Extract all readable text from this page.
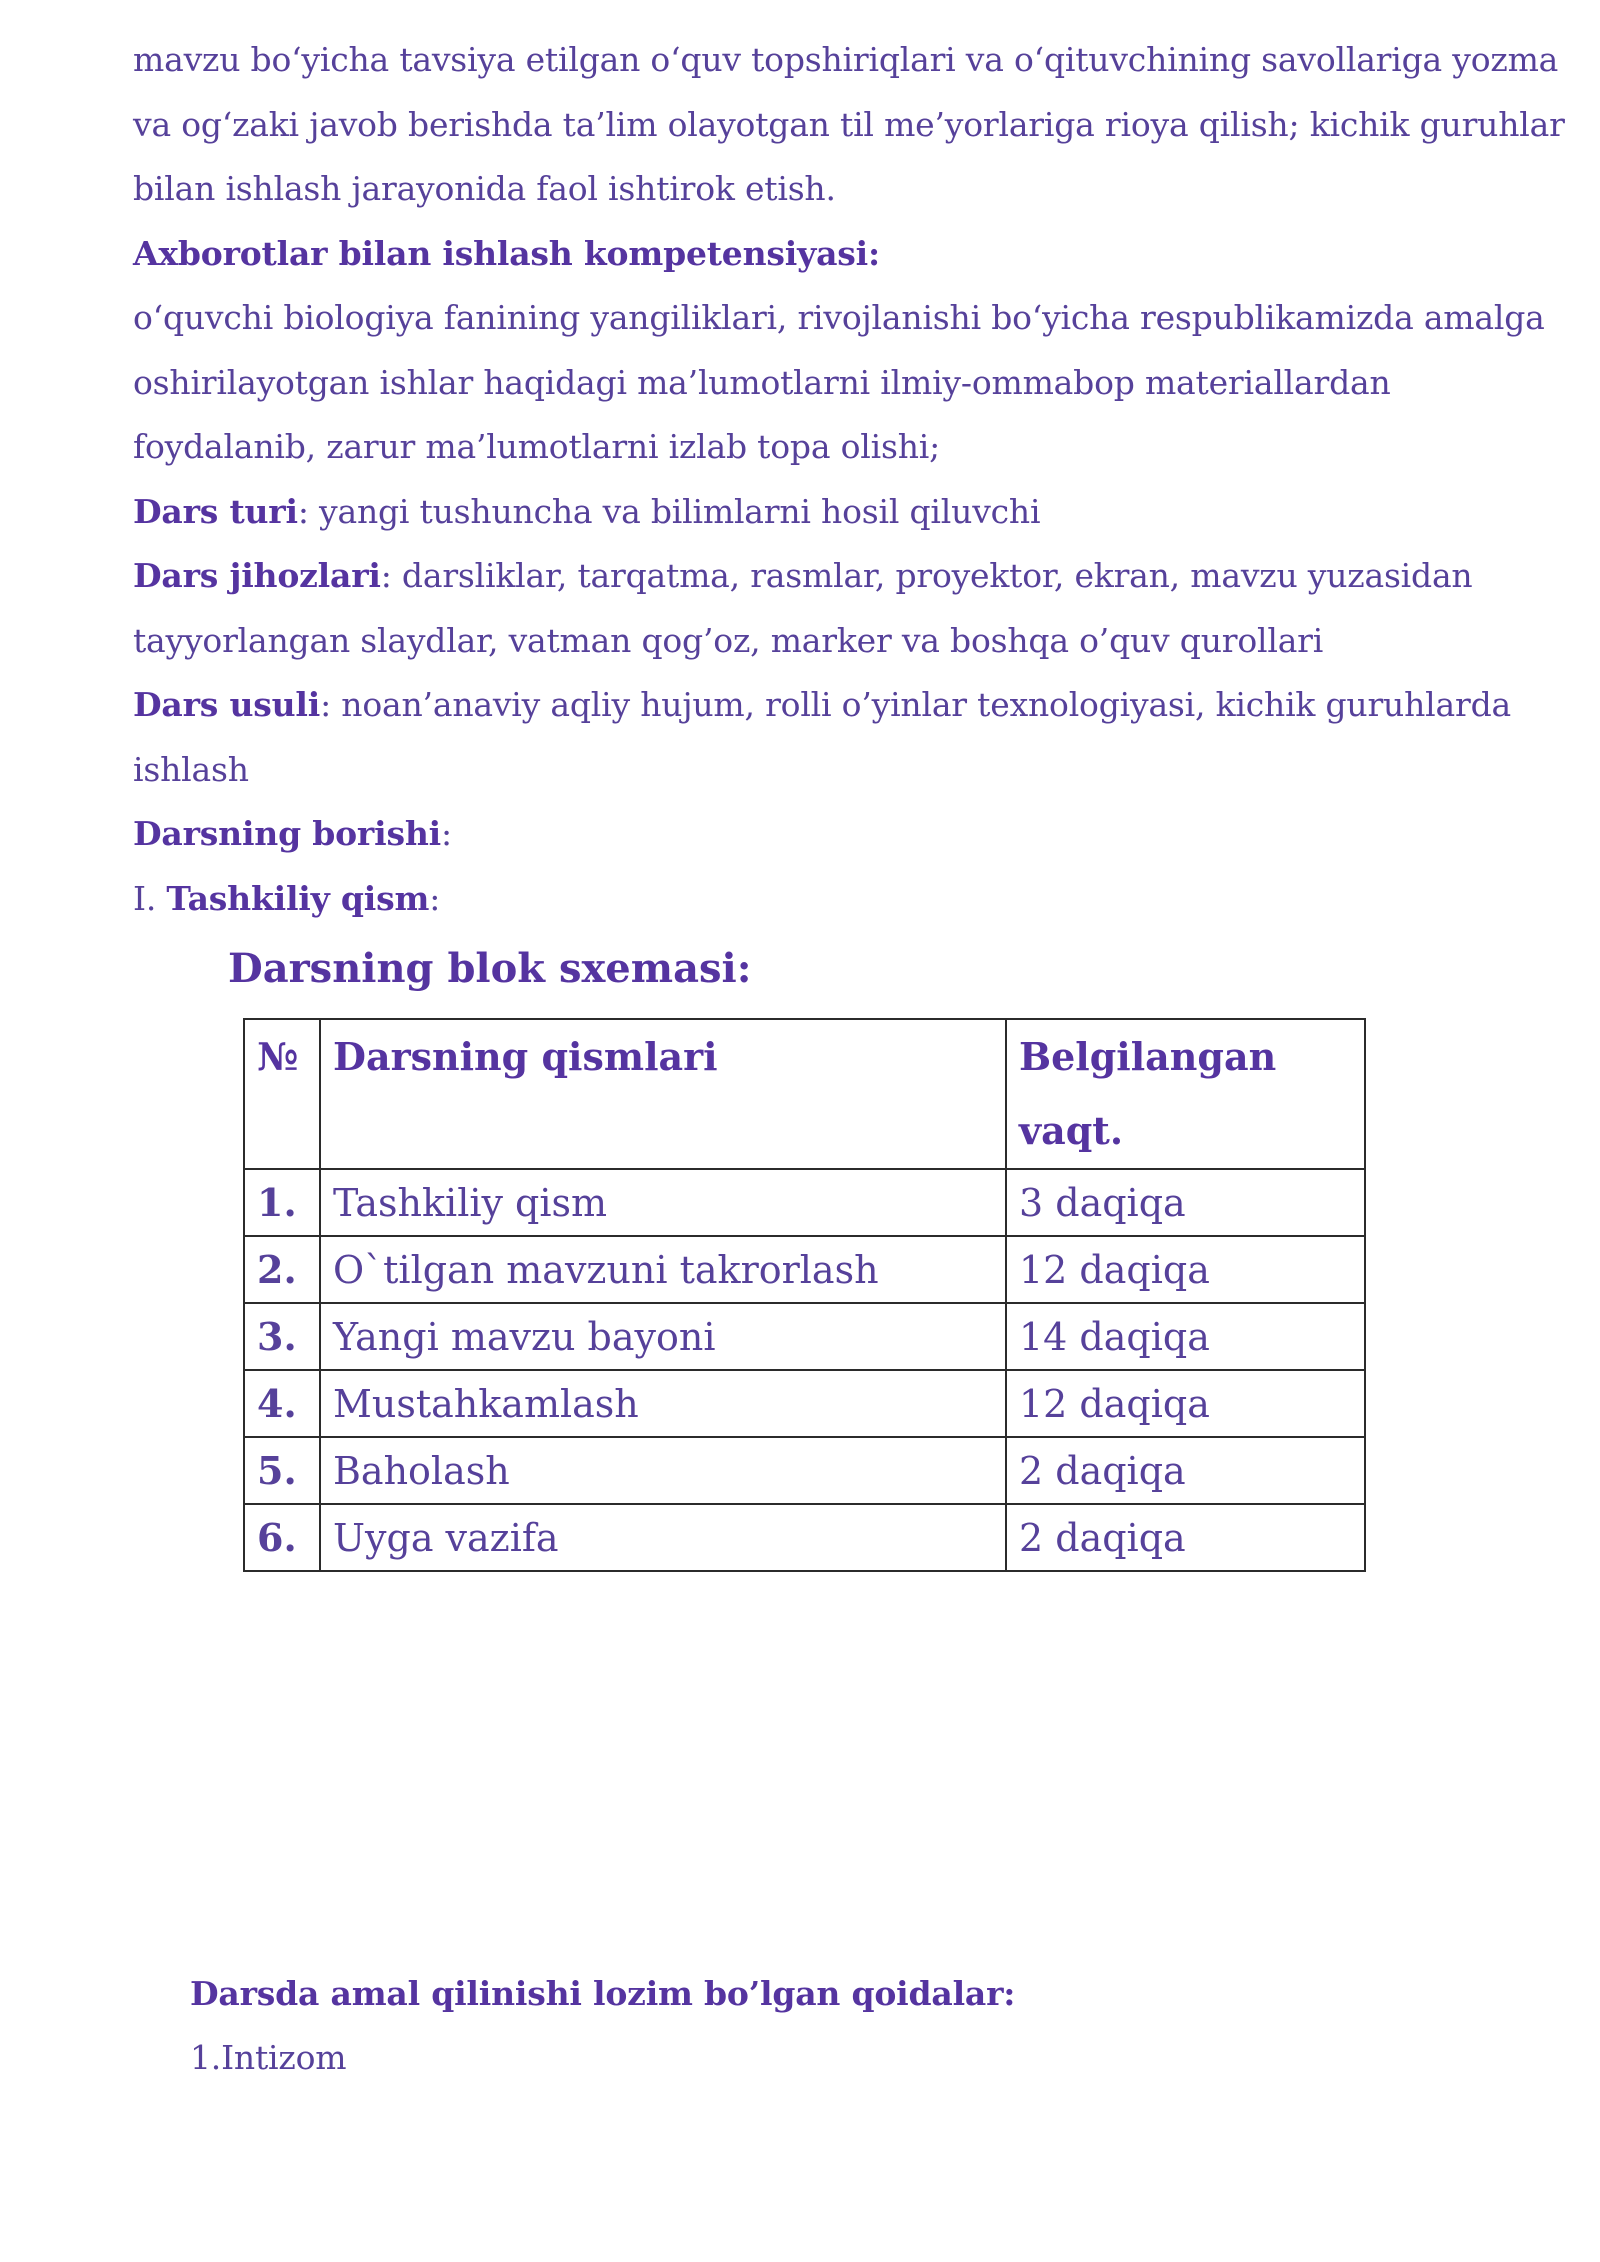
mavzu bo‘yicha tavsiya etilgan o‘quv topshiriqlari va o‘qituvchining savollariga yozma
va og‘zaki javob berishda ta’lim olayotgan til me’yorlariga rioya qilish; kichik guruhlar
bilan ishlash jarayonida faol ishtirok etish.
Axborotlar bilan ishlash kompetensiyasi:
o‘quvchi biologiya fanining yangiliklari, rivojlanishi bo‘yicha respublikamizda amalga
oshirilayotgan ishlar haqidagi ma’lumotlarni ilmiy-ommabop materiallardan
foydalanib, zarur ma’lumotlarni izlab topa olishi;
Dars turi: yangi tushuncha va bilimlarni hosil qiluvchi
Dars jihozlari: darsliklar, tarqatma, rasmlar, proyektor, ekran, mavzu yuzasidan
tayyorlangan slaydlar, vatman qog’oz, marker va boshqa o’quv qurollari
Dars usuli: noan’anaviy aqliy hujum, rolli o’yinlar texnologiyasi, kichik guruhlarda
ishlash
Darsning borishi:
I. Tashkiliy qism:
Darsning blok sxemasi:
№	Darsning qismlari	Belgilangan vaqt.
1.	Tashkiliy qism	3 daqiqa
2.	O`tilgan mavzuni takrorlash	12 daqiqa
3.	Yangi mavzu bayoni	14 daqiqa
4.	Mustahkamlash	12 daqiqa
5.	Baholash	2 daqiqa
6.	Uyga vazifa	2 daqiqa
Darsda amal qilinishi lozim bo’lgan qoidalar:
1.Intizom
